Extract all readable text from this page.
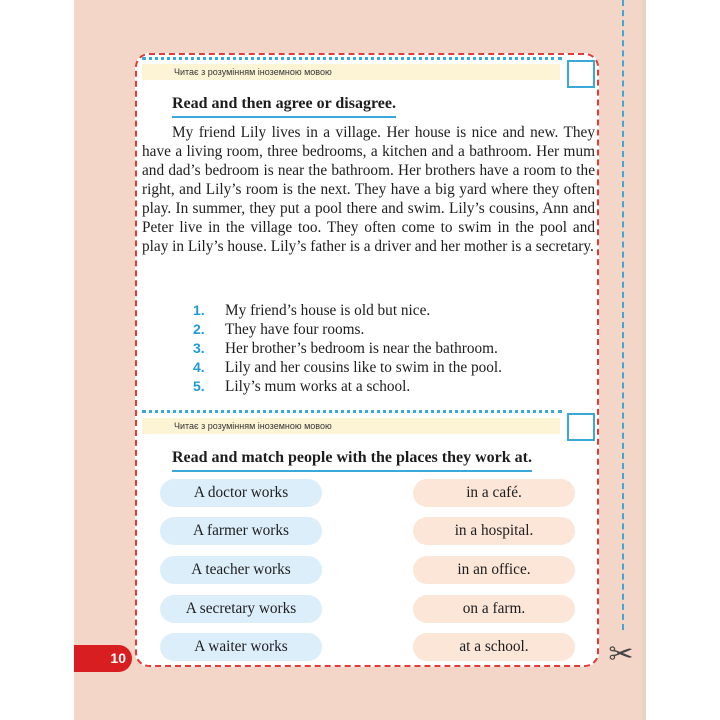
✂
Читає з розумінням іноземною мовою
Read and then agree or disagree.

My friend Lily lives in a village. Her house is nice and new. They have a living room, three bedrooms, a kitchen and a bathroom. Her mum and dad’s bedroom is near the bathroom. Her brothers have a room to the right, and Lily’s room is the next. They have a big yard where they often play. In summer, they put a pool there and swim. Lily’s cousins, Ann and Peter live in the village too. They often come to swim in the pool and play in Lily’s house. Lily’s father is a driver and her mother is a secretary.

1. My friend’s house is old but nice.
2. They have four rooms.
3. Her brother’s bedroom is near the bathroom.
4. Lily and her cousins like to swim in the pool.
5. Lily’s mum works at a school.
Читає з розумінням іноземною мовою
Read and match people with the places they work at.
A doctor works
A farmer works
A teacher works
A secretary works
A waiter works
in a café.
in a hospital.
in an office.
on a farm.
at a school.
10
